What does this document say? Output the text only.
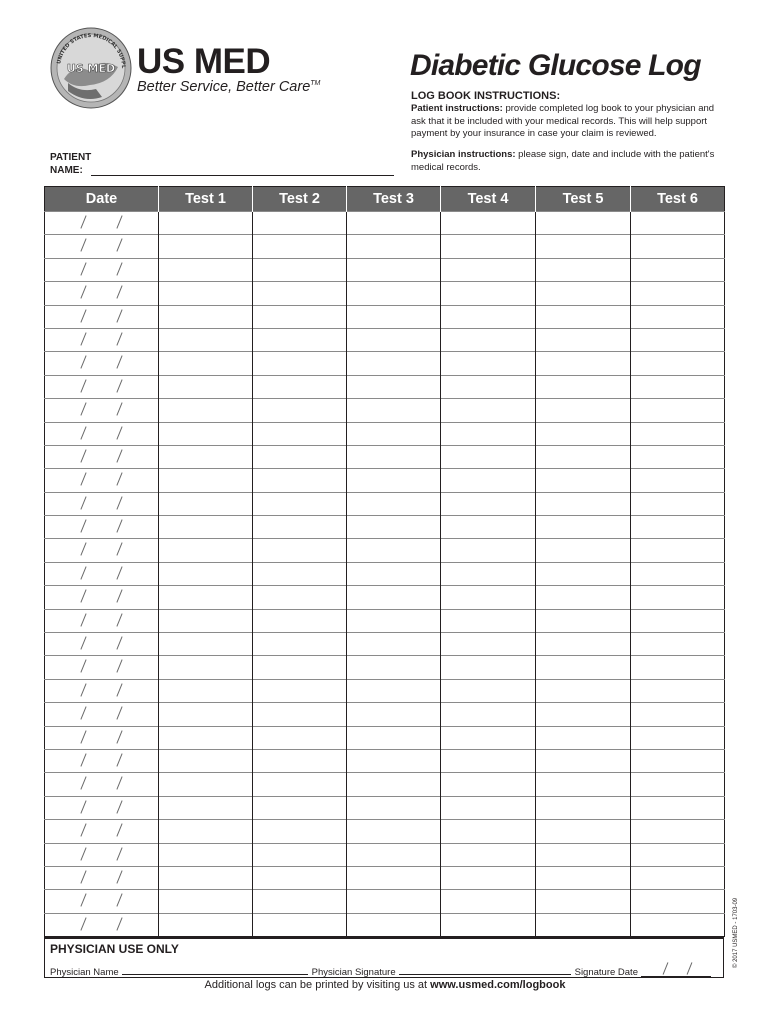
UNITED STATES MEDICAL SUPPL
US MED US MED
Better Service, Better Care™
Diabetic Glucose Log
LOG BOOK INSTRUCTIONS:
Patient instructions: provide completed log book to your physician and ask that it be included with your medical records. This will help support payment by your insurance in case your claim is reviewed.
Physician instructions: please sign, date and include with the patient's medical records.
PATIENT
NAME:
Date	Test 1	Test 2	Test 3	Test 4	Test 5	Test 6

PHYSICIAN USE ONLY
Physician Name	Physician Signature	Signature Date
Additional logs can be printed by visiting us at www.usmed.com/logbook
© 2017 USMED - 1703-09
